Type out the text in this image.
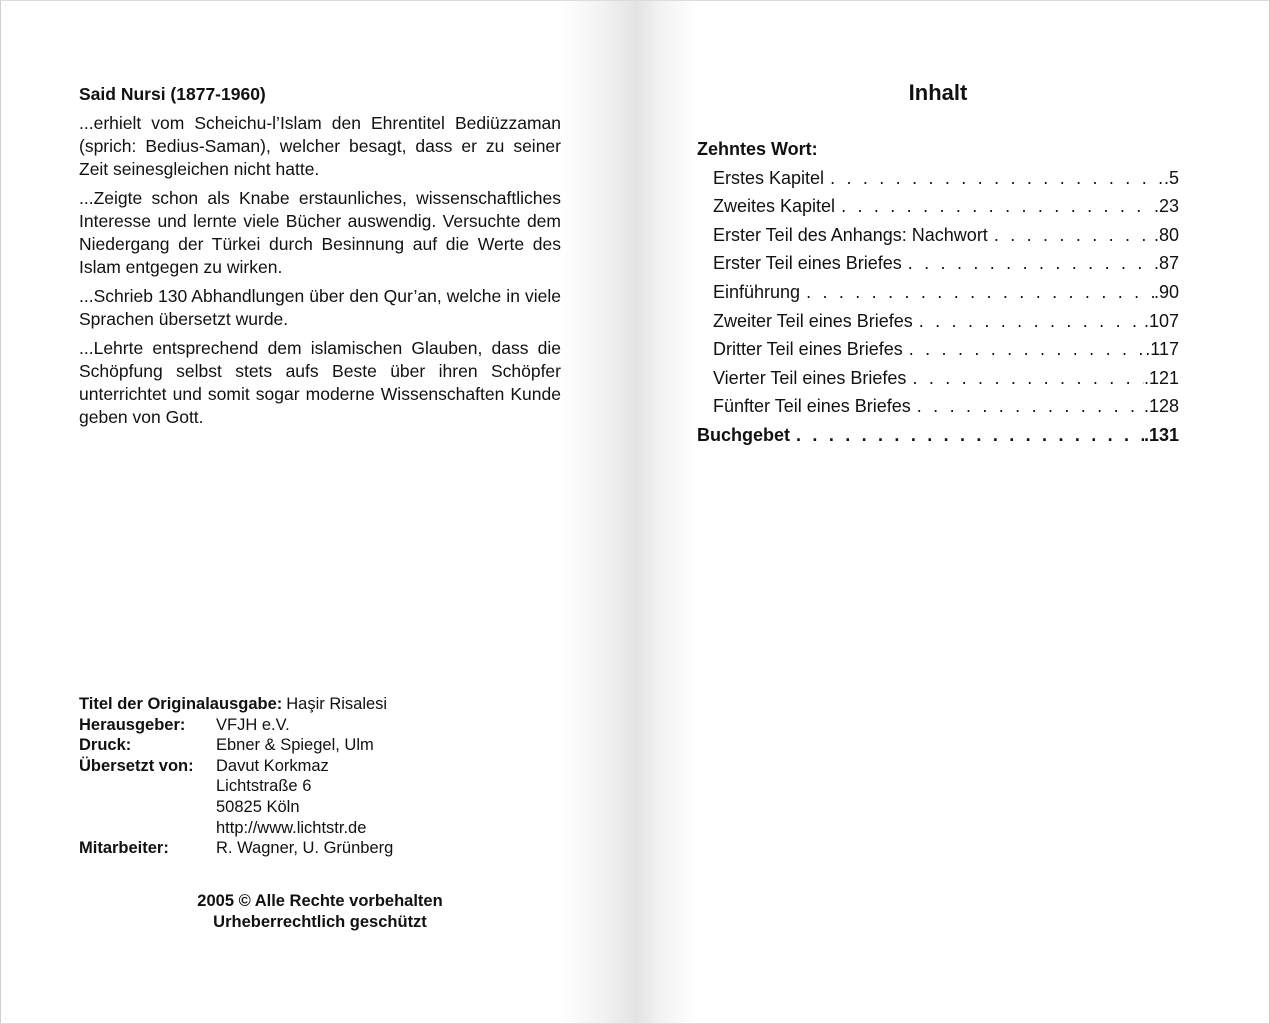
Said Nursi (1877-1960)

...erhielt vom Scheichu-l’Islam den Ehrentitel Bediüzzaman (sprich: Bedius-Saman), welcher besagt, dass er zu seiner Zeit seinesgleichen nicht hatte.

...Zeigte schon als Knabe erstaunliches, wissenschaftliches Interesse und lernte viele Bücher auswendig. Versuchte dem Niedergang der Türkei durch Besinnung auf die Werte des Islam entgegen zu wirken.

...Schrieb 130 Abhandlungen über den Qur’an, welche in viele Sprachen übersetzt wurde.

...Lehrte entsprechend dem islamischen Glauben, dass die Schöpfung selbst stets aufs Beste über ihren Schöpfer unterrichtet und somit sogar moderne Wissenschaften Kunde geben von Gott.

Titel der Originalausgabe: Haşir Risalesi
Herausgeber:	VFJH e.V.
Druck:	Ebner & Spiegel, Ulm
Übersetzt von:	Davut Korkmaz
Lichtstraße 6
50825 Köln
http://www.lichtstr.de
Mitarbeiter:	R. Wagner, U. Grünberg
2005 © Alle Rechte vorbehalten
Urheberrechtlich geschützt
Inhalt
Zehntes Wort:
Erstes Kapitel . . .	.5
Zweites Kapitel . . .	.23
Erster Teil des Anhangs: Nachwort . . .	.80
Erster Teil eines Briefes . . .	.87
Einführung . . .	.90
Zweiter Teil eines Briefes . . .	.107
Dritter Teil eines Briefes . . .	.117
Vierter Teil eines Briefes . . .	.121
Fünfter Teil eines Briefes . . .	.128
Buchgebet . . .	.131
